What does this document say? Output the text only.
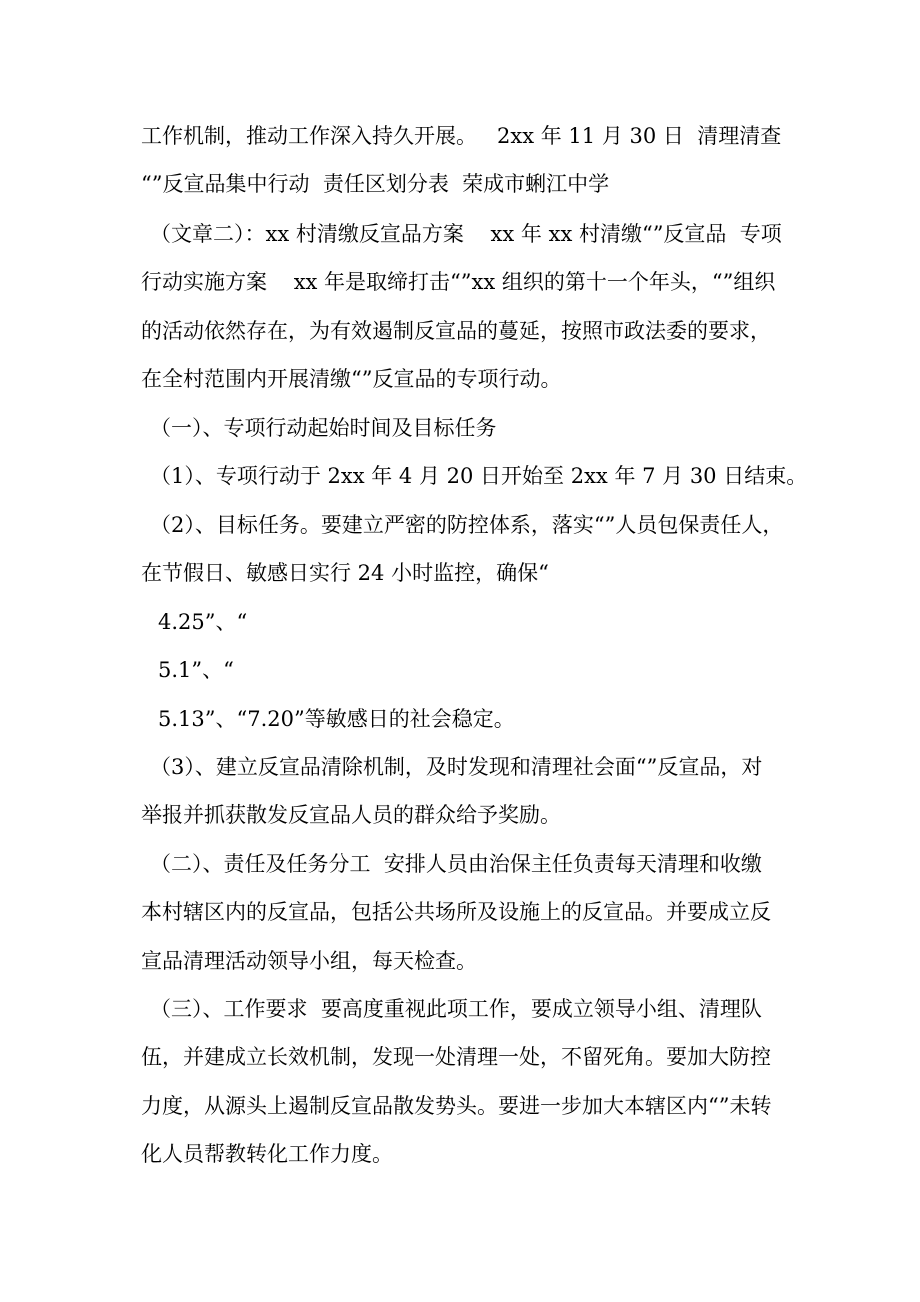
工作机制，推动工作深入持久开展。   2xx 年 11 月 30 日  清理清查
“”反宣品集中行动  责任区划分表  荣成市蜊江中学
（文章二）：xx 村清缴反宣品方案    xx 年 xx 村清缴“”反宣品  专项
行动实施方案    xx 年是取缔打击“”xx 组织的第十一个年头，“”组织
的活动依然存在，为有效遏制反宣品的蔓延，按照市政法委的要求，
在全村范围内开展清缴“”反宣品的专项行动。
（一）、专项行动起始时间及目标任务
（1）、专项行动于 2xx 年 4 月 20 日开始至 2xx 年 7 月 30 日结束。
（2）、目标任务。要建立严密的防控体系，落实“”人员包保责任人，
在节假日、敏感日实行 24 小时监控，确保“
4.25”、“
5.1”、“
5.13”、“7.20”等敏感日的社会稳定。
（3）、建立反宣品清除机制，及时发现和清理社会面“”反宣品，对
举报并抓获散发反宣品人员的群众给予奖励。
（二）、责任及任务分工  安排人员由治保主任负责每天清理和收缴
本村辖区内的反宣品，包括公共场所及设施上的反宣品。并要成立反
宣品清理活动领导小组，每天检查。
（三）、工作要求  要高度重视此项工作，要成立领导小组、清理队
伍，并建成立长效机制，发现一处清理一处，不留死角。要加大防控
力度，从源头上遏制反宣品散发势头。要进一步加大本辖区内“”未转
化人员帮教转化工作力度。
